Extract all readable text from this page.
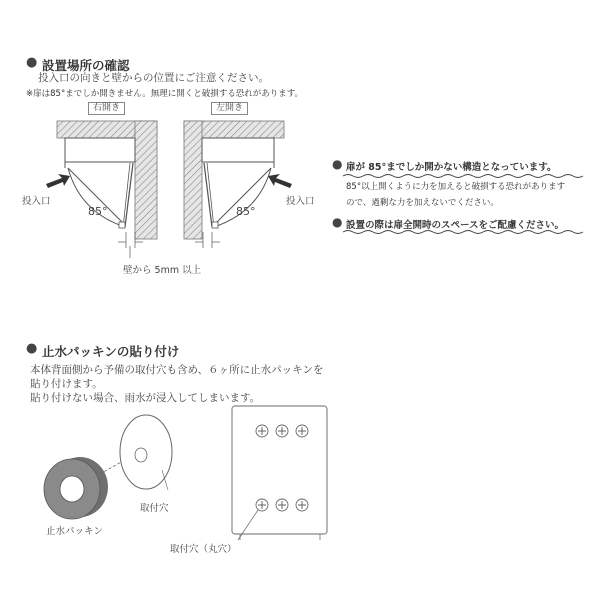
● 設置場所の確認
投入口の向きと壁からの位置にご注意ください。
※扉は85°までしか開きません。無理に開くと破損する恐れがあります。
右開き	左開き
85°	85°
投入口	投入口
壁から 5mm 以上
● 扉が 85°までしか開かない構造となっています。
85°以上開くように力を加えると破損する恐れがあります
ので、過剰な力を加えないでください。
● 設置の際は扉全開時のスペースをご配慮ください。
● 止水パッキンの貼り付け
本体背面側から予備の取付穴も含め、６ヶ所に止水パッキンを
貼り付けます。
貼り付けない場合、雨水が浸入してしまいます。
取付穴
止水パッキン
取付穴（丸穴）
